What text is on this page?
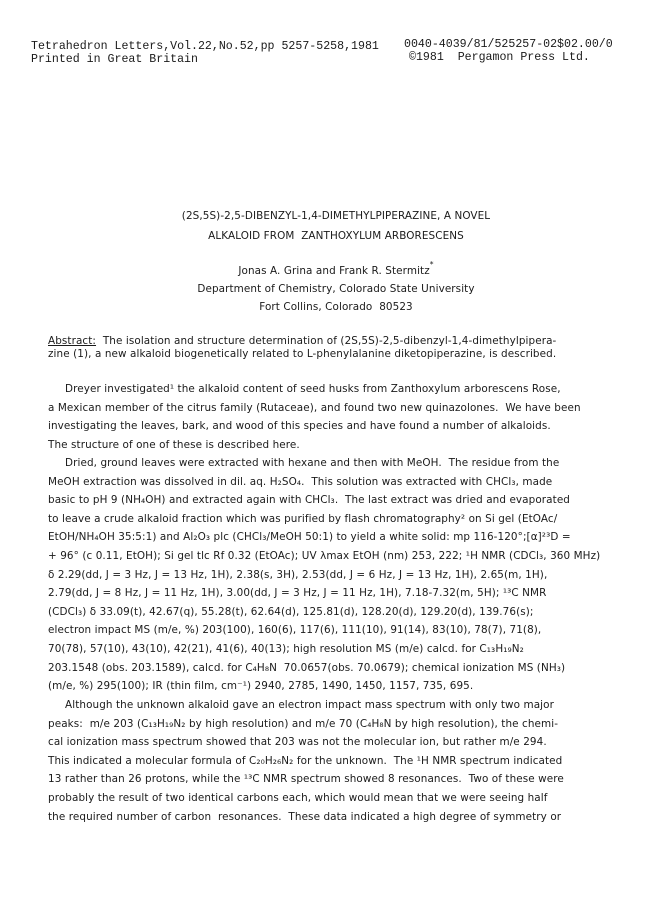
Tetrahedron Letters,Vol.22,No.52,pp 5257-5258,1981
Printed in Great Britain
0040-4039/81/525257-02$02.00/0
©1981  Pergamon Press Ltd.
(2S,5S)-2,5-DIBENZYL-1,4-DIMETHYLPIPERAZINE, A NOVEL
ALKALOID FROM  ZANTHOXYLUM ARBORESCENS
Jonas A. Grina and Frank R. Stermitz*
Department of Chemistry, Colorado State University
Fort Collins, Colorado  80523
Abstract:  The isolation and structure determination of (2S,5S)-2,5-dibenzyl-1,4-dimethylpipera-
zine (1), a new alkaloid biogenetically related to L-phenylalanine diketopiperazine, is described.
Dreyer investigated¹ the alkaloid content of seed husks from Zanthoxylum arborescens Rose,
a Mexican member of the citrus family (Rutaceae), and found two new quinazolones.  We have been
investigating the leaves, bark, and wood of this species and have found a number of alkaloids.
The structure of one of these is described here.
Dried, ground leaves were extracted with hexane and then with MeOH.  The residue from the
MeOH extraction was dissolved in dil. aq. H₂SO₄.  This solution was extracted with CHCl₃, made
basic to pH 9 (NH₄OH) and extracted again with CHCl₃.  The last extract was dried and evaporated
to leave a crude alkaloid fraction which was purified by flash chromatography² on Si gel (EtOAc/
EtOH/NH₄OH 35:5:1) and Al₂O₃ plc (CHCl₃/MeOH 50:1) to yield a white solid: mp 116-120°;[α]²³D =
+ 96° (c 0.11, EtOH); Si gel tlc Rf 0.32 (EtOAc); UV λmax EtOH (nm) 253, 222; ¹H NMR (CDCl₃, 360 MHz)
δ 2.29(dd, J = 3 Hz, J = 13 Hz, 1H), 2.38(s, 3H), 2.53(dd, J = 6 Hz, J = 13 Hz, 1H), 2.65(m, 1H),
2.79(dd, J = 8 Hz, J = 11 Hz, 1H), 3.00(dd, J = 3 Hz, J = 11 Hz, 1H), 7.18-7.32(m, 5H); ¹³C NMR
(CDCl₃) δ 33.09(t), 42.67(q), 55.28(t), 62.64(d), 125.81(d), 128.20(d), 129.20(d), 139.76(s);
electron impact MS (m/e, %) 203(100), 160(6), 117(6), 111(10), 91(14), 83(10), 78(7), 71(8),
70(78), 57(10), 43(10), 42(21), 41(6), 40(13); high resolution MS (m/e) calcd. for C₁₃H₁₉N₂
203.1548 (obs. 203.1589), calcd. for C₄H₈N  70.0657(obs. 70.0679); chemical ionization MS (NH₃)
(m/e, %) 295(100); IR (thin film, cm⁻¹) 2940, 2785, 1490, 1450, 1157, 735, 695.
Although the unknown alkaloid gave an electron impact mass spectrum with only two major
peaks:  m/e 203 (C₁₃H₁₉N₂ by high resolution) and m/e 70 (C₄H₈N by high resolution), the chemi-
cal ionization mass spectrum showed that 203 was not the molecular ion, but rather m/e 294.
This indicated a molecular formula of C₂₀H₂₆N₂ for the unknown.  The ¹H NMR spectrum indicated
13 rather than 26 protons, while the ¹³C NMR spectrum showed 8 resonances.  Two of these were
probably the result of two identical carbons each, which would mean that we were seeing half
the required number of carbon  resonances.  These data indicated a high degree of symmetry or
